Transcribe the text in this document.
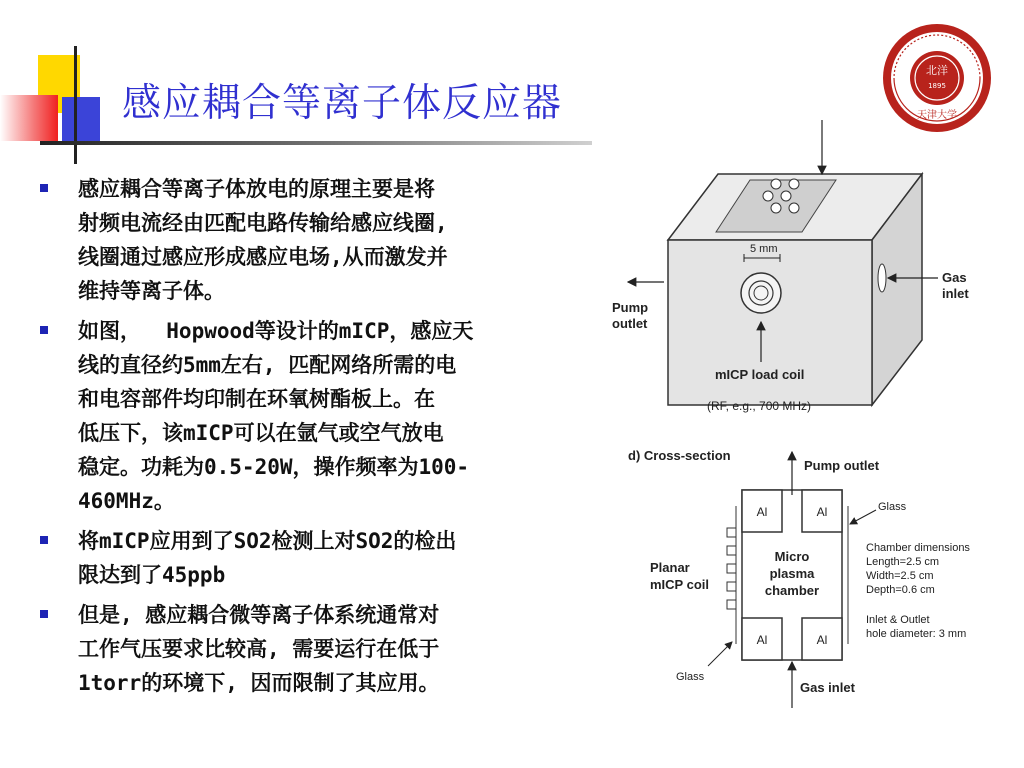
感应耦合等离子体反应器
北洋
1895
天津大学
感应耦合等离子体放电的原理主要是将
射频电流经由匹配电路传输给感应线圈,
线圈通过感应形成感应电场,从而激发并
维持等离子体。
如图，  Hopwood等设计的mICP，感应天
线的直径约5mm左右, 匹配网络所需的电
和电容部件均印制在环氧树酯板上。在
低压下，该mICP可以在氩气或空气放电
稳定。功耗为0.5-20W，操作频率为100-
460MHz。
将mICP应用到了SO2检测上对SO2的检出
限达到了45ppb
但是, 感应耦合微等离子体系统通常对
工作气压要求比较高, 需要运行在低于
1torr的环境下, 因而限制了其应用。
5 mm
Gas
inlet
Pump
outlet
mICP load coil
(RF, e.g., 700 MHz)
d) Cross-section
Pump outlet
Gas inlet
Glass
Glass
Al	Al
Al	Al
Micro
plasma
chamber
Planar
mICP coil
Chamber dimensions
Length=2.5 cm
Width=2.5 cm
Depth=0.6 cm
Inlet & Outlet
hole diameter: 3 mm
